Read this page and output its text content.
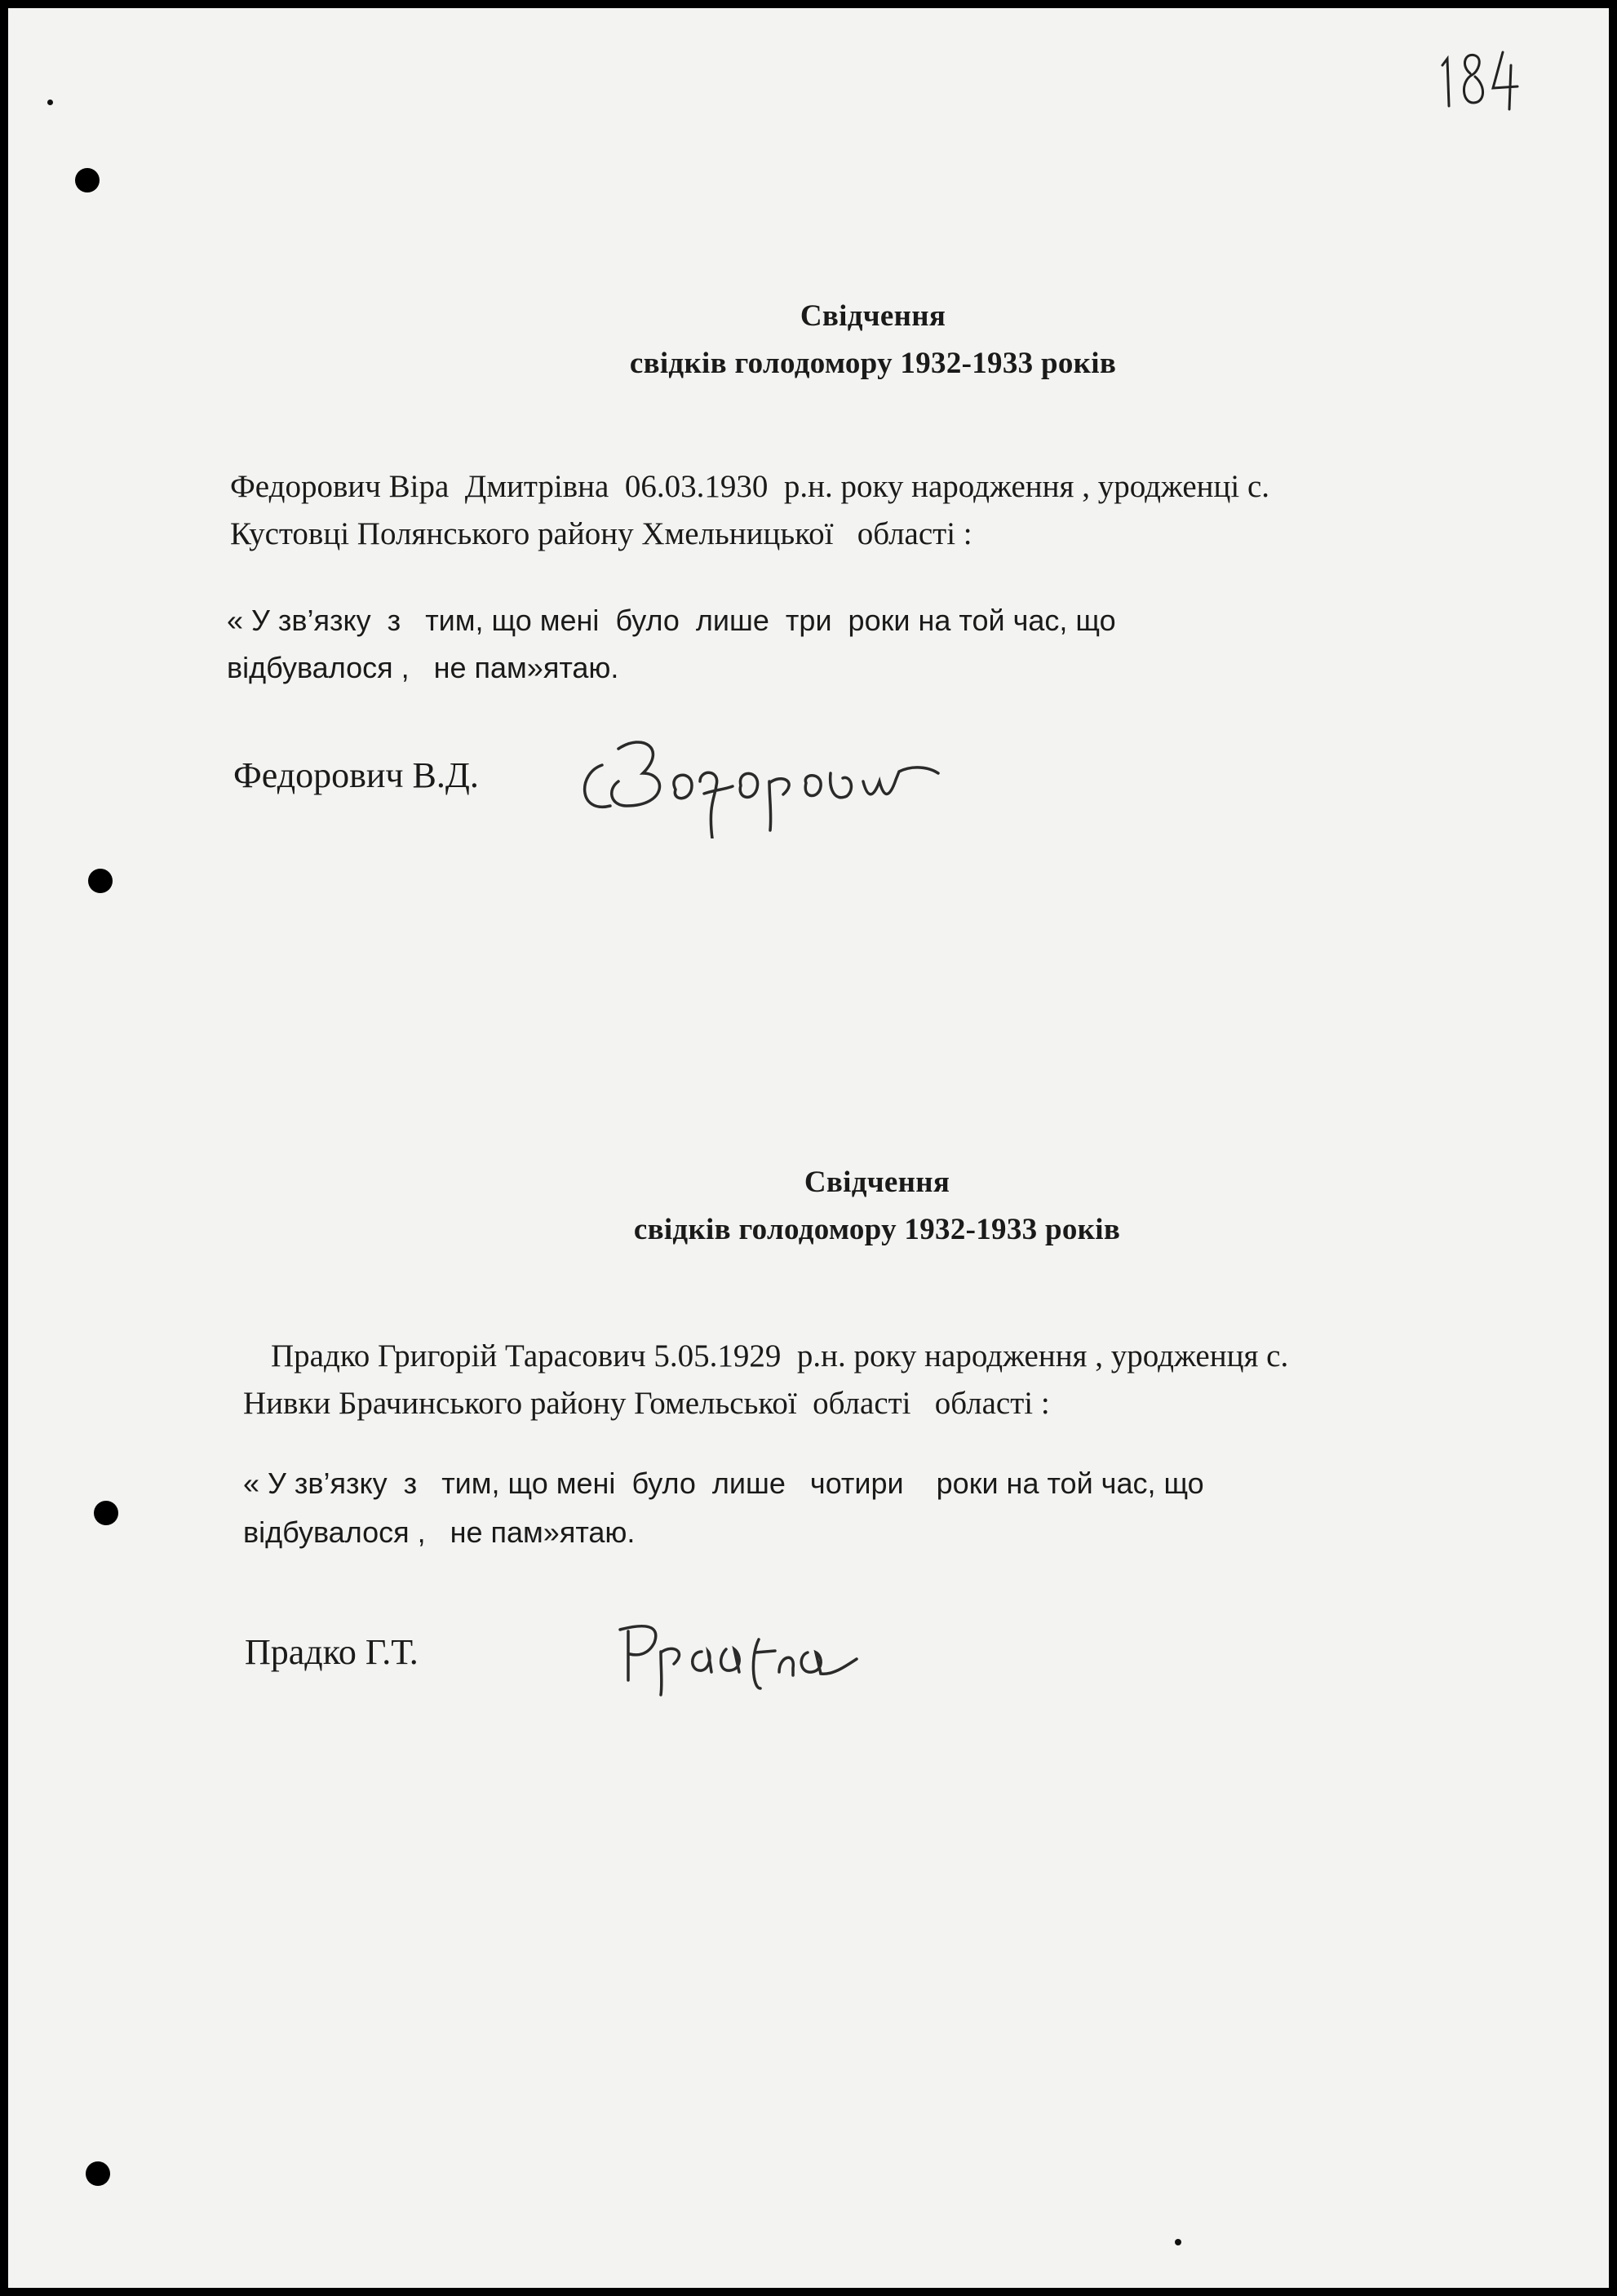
Свідчення
свідків голодомору 1932-1933 років
Федорович Віра  Дмитрівна  06.03.1930  р.н. року народження , уродженці с.
Кустовці Полянського району Хмельницької   області :
« У зв’язку  з   тим, що мені  було  лише  три  роки на той час, що
відбувалося ,   не пам»ятаю.
Федорович В.Д.
Свідчення
свідків голодомору 1932-1933 років
Прадко Григорій Тарасович 5.05.1929  р.н. року народження , уродженця с.
Нивки Брачинського району Гомельської  області   області :
« У зв’язку  з   тим, що мені  було  лише   чотири    роки на той час, що
відбувалося ,   не пам»ятаю.
Прадко Г.Т.
